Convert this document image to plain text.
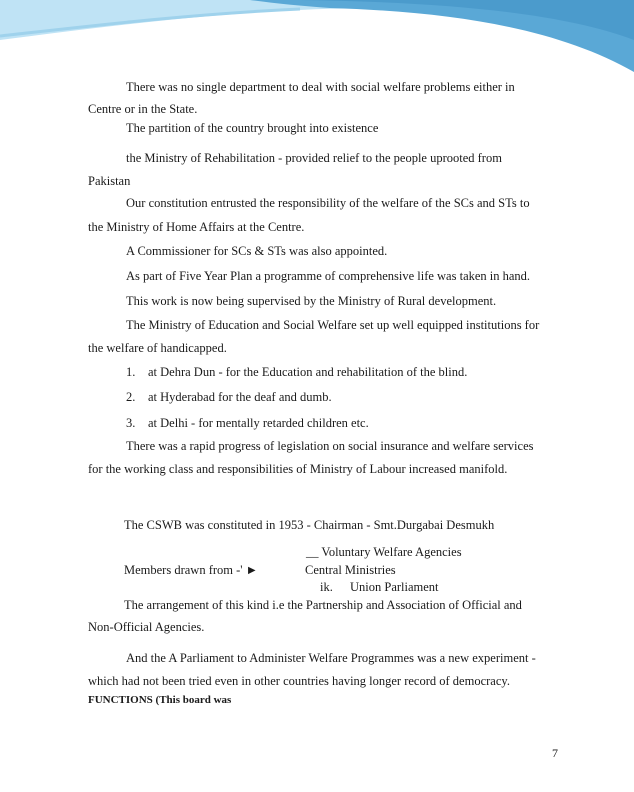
There was no single department to deal with social welfare problems either in
Centre or in the State.
The partition of the country brought into existence
the Ministry of Rehabilitation - provided relief to the people uprooted from
Pakistan
Our constitution entrusted the responsibility of the welfare of the SCs and STs to
the Ministry of Home Affairs at the Centre.
A Commissioner for SCs & STs was also appointed.
As part of Five Year Plan a programme of comprehensive life was taken in hand.
This work is now being supervised by the Ministry of Rural development.
The Ministry of Education and Social Welfare set up well equipped institutions for
the welfare of handicapped.
1. at Dehra Dun - for the Education and rehabilitation of the blind.
2. at Hyderabad for the deaf and dumb.
3. at Delhi - for mentally retarded children etc.
There was a rapid progress of legislation on social insurance and welfare services
for the working class and responsibilities of Ministry of Labour increased manifold.
The CSWB was constituted in 1953 - Chairman - Smt.Durgabai Desmukh
__ Voluntary Welfare Agencies
Members drawn from -' ►	Central Ministries
ik. Union Parliament
The arrangement of this kind i.e the Partnership and Association of Official and
Non-Official Agencies.
And the A Parliament to Administer Welfare Programmes was a new experiment -
which had not been tried even in other countries having longer record of democracy.
FUNCTIONS (This board was
7
